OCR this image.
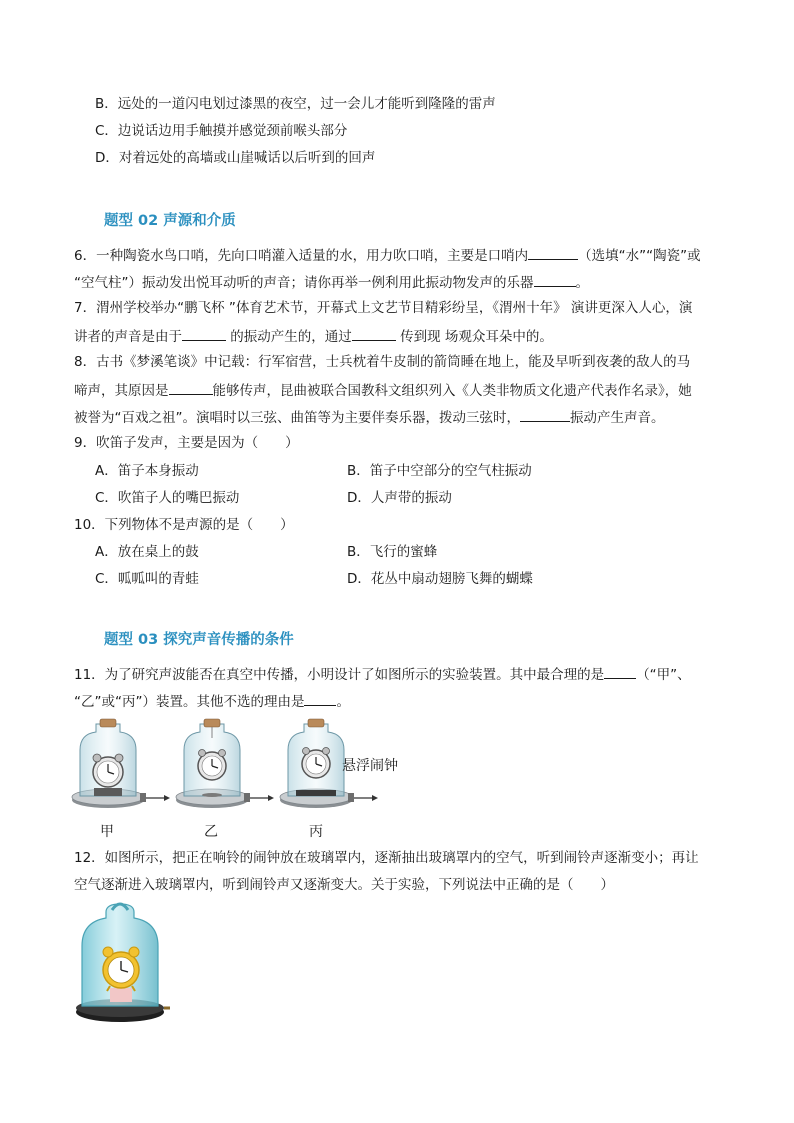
B．远处的一道闪电划过漆黑的夜空，过一会儿才能听到隆隆的雷声
C．边说话边用手触摸并感觉颈前喉头部分
D．对着远处的高墙或山崖喊话以后听到的回声
题型 02 声源和介质
6．一种陶瓷水鸟口哨，先向口哨灌入适量的水，用力吹口哨，主要是口哨内	（选填“水”“陶瓷”或
“空气柱”）振动发出悦耳动听的声音；请你再举一例利用此振动物发声的乐器	。
7．渭州学校举办“鹏飞杯 ”体育艺术节，开幕式上文艺节目精彩纷呈，《渭州十年》 演讲更深入人心，演
讲者的声音是由于	的振动产生的，通过	传到现 场观众耳朵中的。
8．古书《梦溪笔谈》中记载：行军宿营，士兵枕着牛皮制的箭筒睡在地上，能及早听到夜袭的敌人的马
啼声，其原因是	能够传声，昆曲被联合国教科文组织列入《人类非物质文化遗产代表作名录》，她
被誉为“百戏之祖”。演唱时以三弦、曲笛等为主要伴奏乐器，拨动三弦时，	振动产生声音。
9．吹笛子发声，主要是因为（　　）
A．笛子本身振动	B．笛子中空部分的空气柱振动
C．吹笛子人的嘴巴振动	D．人声带的振动
10．下列物体不是声源的是（　　）
A．放在桌上的鼓	B．飞行的蜜蜂
C．呱呱叫的青蛙	D．花丛中扇动翅膀飞舞的蝴蝶
题型 03 探究声音传播的条件
11．为了研究声波能否在真空中传播，小明设计了如图所示的实验装置。其中最合理的是 （“甲”、
“乙”或“丙”）装置。其他不选的理由是 。
悬浮闹钟
甲	乙	丙
12．如图所示，把正在响铃的闹钟放在玻璃罩内，逐渐抽出玻璃罩内的空气，听到闹铃声逐渐变小；再让
空气逐渐进入玻璃罩内，听到闹铃声又逐渐变大。关于实验，下列说法中正确的是（　　）
